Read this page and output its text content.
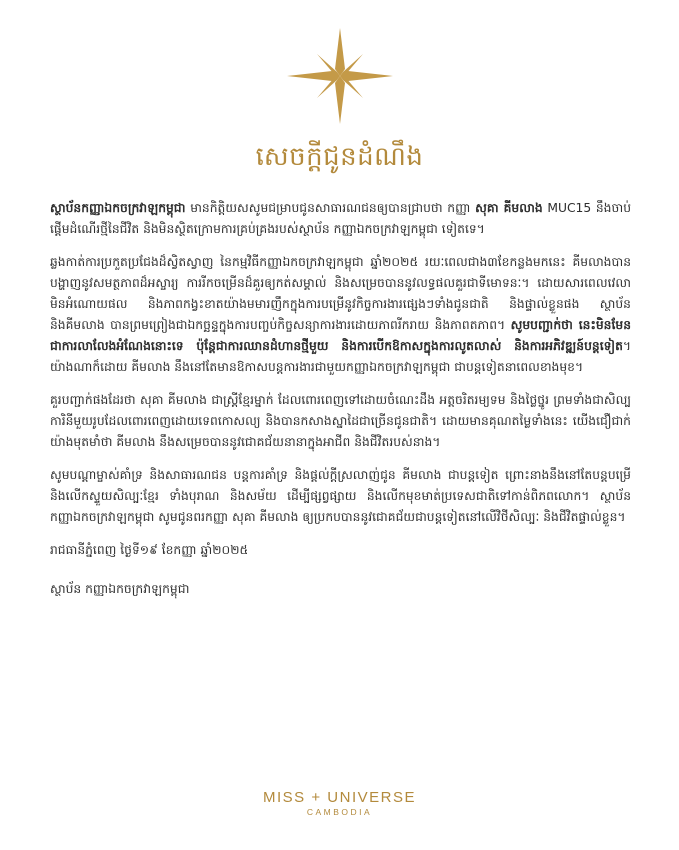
សេចក្តីជូនដំណឹង

ស្ថាប័នកញ្ញាឯកចក្រវាឡកម្ពុជា មានកិត្តិយសសូមជម្រាបជូនសាធារណជនឲ្យបានជ្រាបថា កញ្ញា សុគា គីមលាង MUC15 នឹងចាប់ផ្តើមដំណើរថ្មីនៃជីវិត និងមិនស្ថិតក្រោមការគ្រប់គ្រងរបស់ស្ថាប័ន កញ្ញាឯកចក្រវាឡកម្ពុជា ទៀតទេ។

ឆ្លងកាត់ការប្រកួតប្រជែងដ៏ស្វិតស្វាញ នៃកម្មវិធីកញ្ញាឯកចក្រវាឡកម្ពុជា ឆ្នាំ២០២៥ រយៈពេលជាង៣ខែកន្លងមកនេះ គីមលាងបានបង្ហាញនូវសមត្ថភាពដ៏អស្ចារ្យ ការរីកចម្រើនដ៏គួរឲ្យកត់សម្គាល់ និងសម្រេចបាននូវលទ្ធផលគួរជាទីមោទនៈ។ ដោយសារពេលវេលាមិនអំណោយផល និងភាពកង្វះខាតយ៉ាងមមារញឹកក្នុងការបម្រើនូវកិច្ចការងារផ្សេងៗទាំងជូនជាតិ និងផ្ទាល់ខ្លួនផង ស្ថាប័ន និងគីមលាង បានព្រមព្រៀងជាឯកច្ឆន្ទក្នុងការបញ្ចប់កិច្ចសន្យាការងារដោយភាពរីករាយ និងភាពតភាព។ សូមបញ្ជាក់ថា នេះមិនមែនជាការលាលែងអំណែងនោះទេ ប៉ុន្តែជាការឈានដំហានថ្មីមួយ និងការបើកឱកាសក្នុងការលូតលាស់ និងការអភិវឌ្ឍន៍បន្តទៀត។ យ៉ាងណាក៏ដោយ គីមលាង នឹងនៅតែមានឱកាសបន្តការងារជាមួយកញ្ញាឯកចក្រវាឡកម្ពុជា ជាបន្តទៀតនាពេលខាងមុខ។

គួរបញ្ជាក់ផងដែរថា សុគា គីមលាង ជាស្ត្រីខ្មែរម្នាក់ ដែលពោរពេញទៅដោយចំណេះដឹង អត្តចរិតរម្យទម និងថ្លៃថ្នូរ ព្រមទាំងជាសិល្បការិនីមួយរូបដែលពោរពេញដោយទេពកោសល្យ និងបានកសាងស្នាដៃជាច្រើនជូនជាតិ។ ដោយមានគុណតម្លៃទាំងនេះ យើងជឿជាក់យ៉ាងមុតមាំថា គីមលាង នឹងសម្រេចបាននូវជោគជ័យនានាក្នុងអាជីព និងជីវិតរបស់នាង។

សូមបណ្តាម្ចាស់គាំទ្រ និងសាធារណជន បន្តការគាំទ្រ និងផ្តល់ក្តីស្រលាញ់ជូន គីមលាង ជាបន្តទៀត ព្រោះនាងនឹងនៅតែបន្តបម្រើ និងលើកស្ទួយសិល្បៈខ្មែរ ទាំងបុរាណ និងសម័យ ដើម្បីផ្សព្វផ្សាយ និងលើកមុខមាត់ប្រទេសជាតិទៅកាន់ពិភពលោក។ ស្ថាប័នកញ្ញាឯកចក្រវាឡកម្ពុជា សូមជូនពរកញ្ញា សុគា គីមលាង ឲ្យប្រកបបាននូវជោគជ័យជាបន្តទៀតនៅលើវិថីសិល្បៈ និងជីវិតផ្ទាល់ខ្លួន។

រាជធានីភ្នំពេញ ថ្ងៃទី១៩ ខែកញ្ញា ឆ្នាំ២០២៥

ស្ថាប័ន កញ្ញាឯកចក្រវាឡកម្ពុជា

MISS + UNIVERSE
CAMBODIA
